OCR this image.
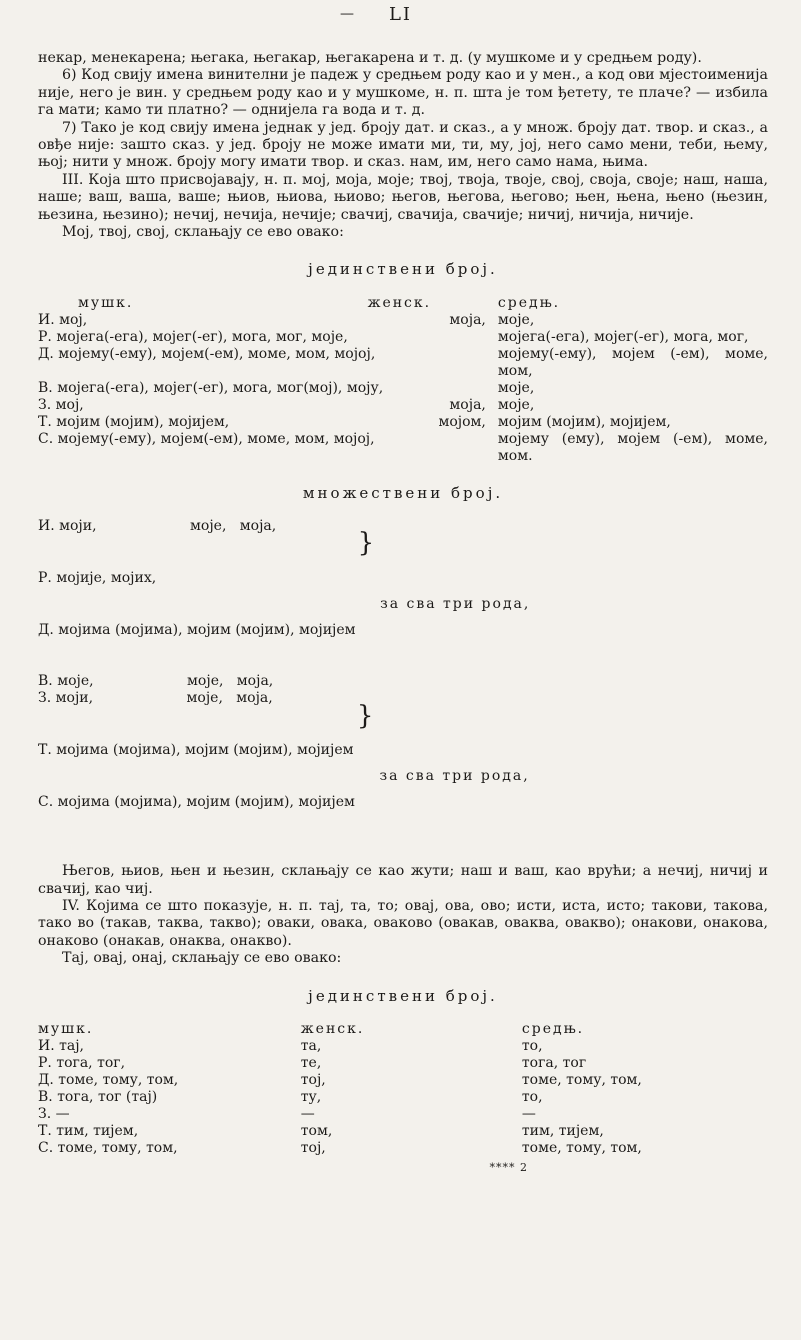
— LI

некар, менекарена; његака, његакар, његакарена и т. д. (у мушкоме и у средњем роду).

6) Код свију имена винителни је падеж у средњем роду као и у мен., а код ови мјестоименија није, него је вин. у средњем роду као и у мушкоме, н. п. шта је том ђетету, те плаче? — избила га мати; камо ти платно? — однијела га вода и т. д.

7) Тако је код свију имена једнак у јед. броју дат. и сказ., а у множ. броју дат. твор. и сказ., а овђе није: зашто сказ. у јед. броју не може имати ми, ти, му, јој, него само мени, теби, њему, њој; нити у множ. броју могу имати твор. и сказ. нам, им, него само нама, њима.

III. Која што присвојавају, н. п. мој, моја, моје; твој, твоја, твоје, свој, своја, своје; наш, наша, наше; ваш, ваша, ваше; њиов, њиова, њиово; његов, његова, његово; њен, њена, њено (њезин, њезина, њезино); нечиј, нечија, нечије; свачиј, свачија, свачије; ничиј, ничија, ничије.

Мој, твој, свој, склањају се ево овако:

јединствени број.
мушк.	женск.	средњ.
И. мој,	моја,	моје,
Р. мојега(-ега), мојег(-ег), мога, мог, моје,		мојега(-ега), мојег(-ег), мога, мог,
Д. мојему(-ему), мојем(-ем), моме, мом, мојој,		мојему(-ему), мојем (-ем), моме, мом,
В. мојега(-ега), мојег(-ег), мога, мог(мој), моју,		моје,
З. мој,	моја,	моје,
Т. мојим (мојим), мојијем,	мојом,	мојим (мојим), мојијем,
С. мојему(-ему), мојем(-ем), моме, мом, мојој,		мојему (ему), мојем (-ем), моме, мом.
множествени број.
И. моји,                     моје,   моја,

Р. мојије, мојих,

Д. мојима (мојима), мојим (мојим), мојијем

}
за сва три рода,
В. моје,                     моје,   моја,
З. моји,                     моје,   моја,

Т. мојима (мојима), мојим (мојим), мојијем

С. мојима (мојима), мојим (мојим), мојијем

}
за сва три рода,

Његов, њиов, њен и њезин, склањају се као жути; наш и ваш, као врући; а нечиј, ничиј и свачиј, као чиј.

IV. Којима се што показује, н. п. тај, та, то; овај, ова, ово; исти, иста, исто; такови, такова, тако во (такав, таква, такво); оваки, овака, оваково (овакав, оваква, овакво); онакови, онакова, онаково (онакав, онаква, онакво).

Тај, овај, онај, склањају се ево овако:

јединствени број.
мушк.	женск.	средњ.
И. тај,	та,	то,
Р. тога, тог,	те,	тога, тог
Д. томе, тому, том,	тој,	томе, тому, том,
В. тога, тог (тај)	ту,	то,
З. —	—	—
Т. тим, тијем,	том,	тим, тијем,
С. томе, тому, том,	тој,	томе, тому, том,
**** 2
